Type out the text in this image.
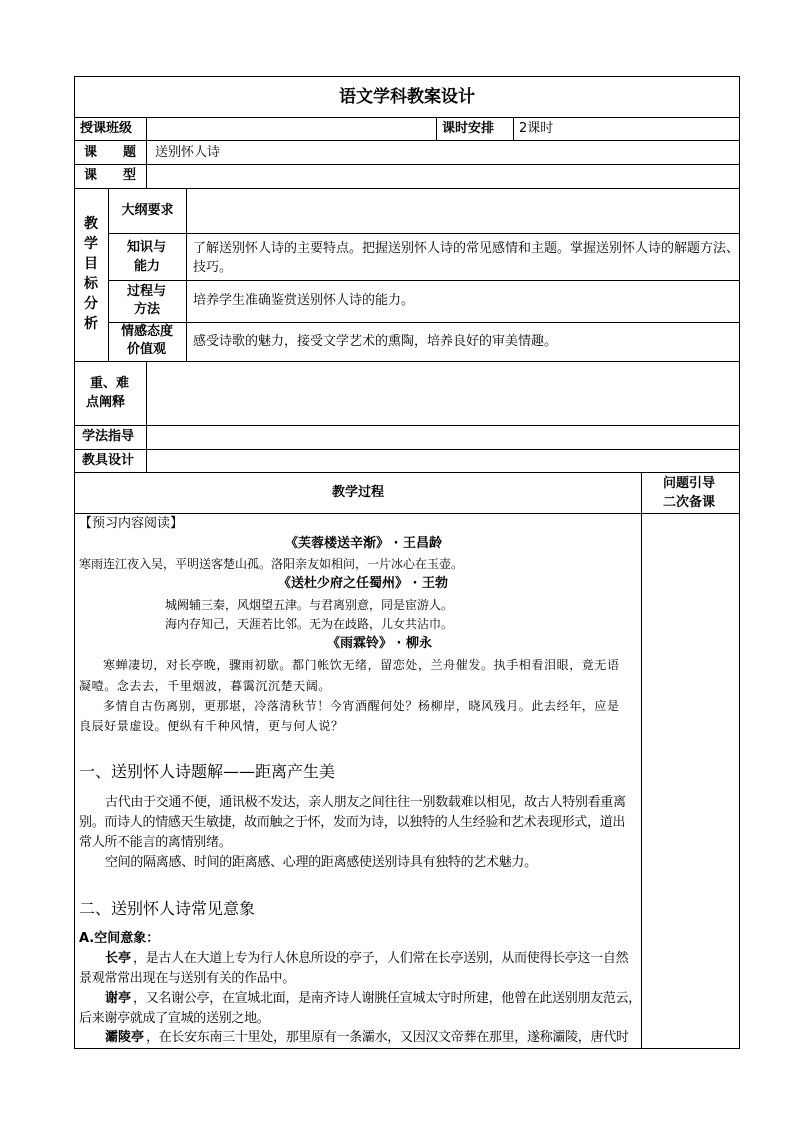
语文学科教案设计
授课班级	课时安排 2课时
课　　题 送别怀人诗
课　　型
教
学
目
标
分
析
大纲要求
知识与
能力
了解送别怀人诗的主要特点。把握送别怀人诗的常见感情和主题。掌握送别怀人诗的解题方法、
技巧。
过程与
方法
培养学生准确鉴赏送别怀人诗的能力。
情感态度
价值观
感受诗歌的魅力，接受文学艺术的熏陶，培养良好的审美情趣。
重、难
点阐释
学法指导
教具设计
教学过程
问题引导
二次备课
【预习内容阅读】
《芙蓉楼送辛渐》 · 王昌龄
寒雨连江夜入吴，平明送客楚山孤。洛阳亲友如相问，一片冰心在玉壶。
《送杜少府之任蜀州》 · 王勃
城阙辅三秦，风烟望五津。与君离别意，同是宦游人。
海内存知己，天涯若比邻。无为在歧路，儿女共沾巾。
《雨霖铃》 · 柳永
寒蝉凄切，对长亭晚，骤雨初歇。都门帐饮无绪，留恋处，兰舟催发。执手相看泪眼，竟无语
凝噎。念去去，千里烟波，暮霭沉沉楚天阔。
多情自古伤离别，更那堪，冷落清秋节！今宵酒醒何处？杨柳岸，晓风残月。此去经年，应是
良辰好景虚设。便纵有千种风情，更与何人说？
一、送别怀人诗题解——距离产生美
古代由于交通不便，通讯极不发达，亲人朋友之间往往一别数载难以相见，故古人特别看重离
别。而诗人的情感天生敏捷，故而触之于怀，发而为诗，以独特的人生经验和艺术表现形式，道出
常人所不能言的离情别绪。
空间的隔离感、时间的距离感、心理的距离感使送别诗具有独特的艺术魅力。
二、送别怀人诗常见意象
A.空间意象：
长亭 ，是古人在大道上专为行人休息所设的亭子，人们常在长亭送别，从而使得长亭这一自然
景观常常出现在与送别有关的作品中。
谢亭 ，又名谢公亭，在宣城北面，是南齐诗人谢朓任宣城太守时所建，他曾在此送别朋友范云，
后来谢亭就成了宣城的送别之地。
灞陵亭 ，在长安东南三十里处，那里原有一条灞水，又因汉文帝葬在那里，遂称灞陵，唐代时
